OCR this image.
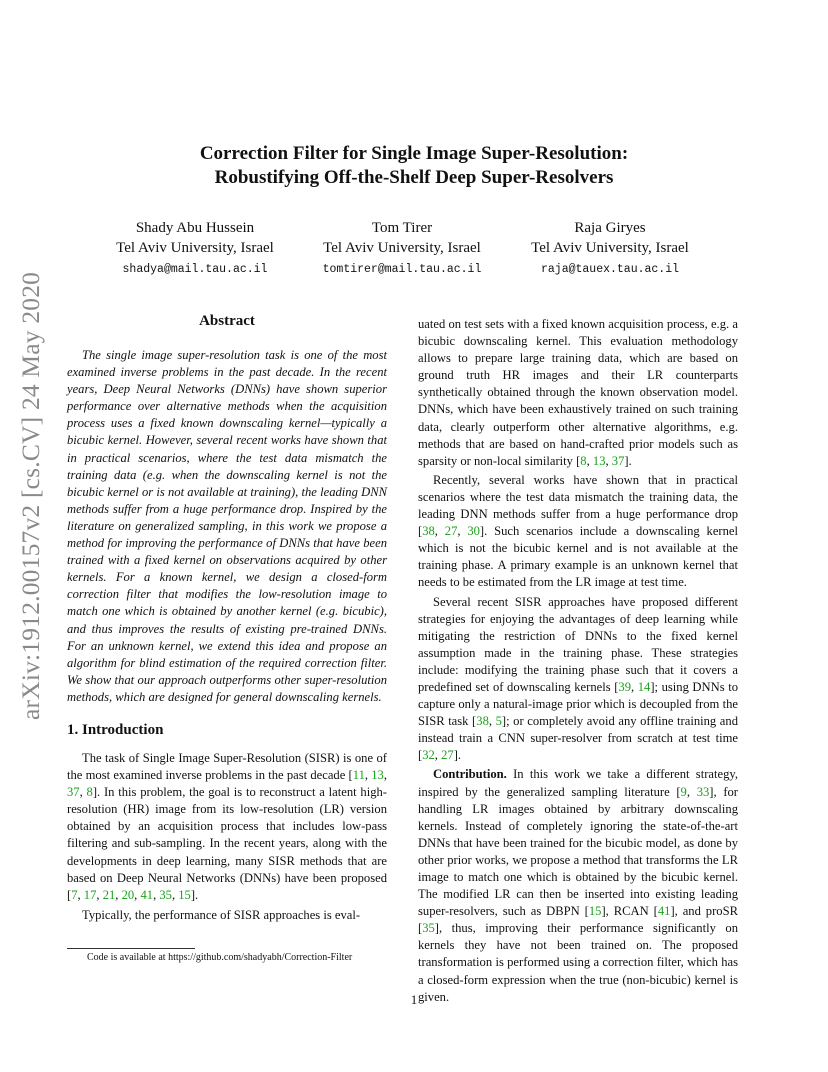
arXiv:1912.00157v2 [cs.CV] 24 May 2020
Correction Filter for Single Image Super-Resolution:
Robustifying Off-the-Shelf Deep Super-Resolvers
Shady Abu Hussein
Tel Aviv University, Israel
shadya@mail.tau.ac.il
Tom Tirer
Tel Aviv University, Israel
tomtirer@mail.tau.ac.il
Raja Giryes
Tel Aviv University, Israel
raja@tauex.tau.ac.il
Abstract

The single image super-resolution task is one of the most examined inverse problems in the past decade. In the recent years, Deep Neural Networks (DNNs) have shown superior performance over alternative methods when the acquisition process uses a fixed known downscaling kernel—typically a bicubic kernel. However, several recent works have shown that in practical scenarios, where the test data mismatch the training data (e.g. when the downscaling kernel is not the bicubic kernel or is not available at training), the leading DNN methods suffer from a huge performance drop. Inspired by the literature on generalized sampling, in this work we propose a method for improving the performance of DNNs that have been trained with a fixed kernel on observations acquired by other kernels. For a known kernel, we design a closed-form correction filter that modifies the low-resolution image to match one which is obtained by another kernel (e.g. bicubic), and thus improves the results of existing pre-trained DNNs. For an unknown kernel, we extend this idea and propose an algorithm for blind estimation of the required correction filter. We show that our approach outperforms other super-resolution methods, which are designed for general downscaling kernels.

1. Introduction

The task of Single Image Super-Resolution (SISR) is one of the most examined inverse problems in the past decade [11, 13, 37, 8]. In this problem, the goal is to reconstruct a latent high-resolution (HR) image from its low-resolution (LR) version obtained by an acquisition process that includes low-pass filtering and sub-sampling. In the recent years, along with the developments in deep learning, many SISR methods that are based on Deep Neural Networks (DNNs) have been proposed [7, 17, 21, 20, 41, 35, 15].

Typically, the performance of SISR approaches is eval-

Code is available at https://github.com/shadyabh/Correction-Filter

uated on test sets with a fixed known acquisition process, e.g. a bicubic downscaling kernel. This evaluation methodology allows to prepare large training data, which are based on ground truth HR images and their LR counterparts synthetically obtained through the known observation model. DNNs, which have been exhaustively trained on such training data, clearly outperform other alternative algorithms, e.g. methods that are based on hand-crafted prior models such as sparsity or non-local similarity [8, 13, 37].

Recently, several works have shown that in practical scenarios where the test data mismatch the training data, the leading DNN methods suffer from a huge performance drop [38, 27, 30]. Such scenarios include a downscaling kernel which is not the bicubic kernel and is not available at the training phase. A primary example is an unknown kernel that needs to be estimated from the LR image at test time.

Several recent SISR approaches have proposed different strategies for enjoying the advantages of deep learning while mitigating the restriction of DNNs to the fixed kernel assumption made in the training phase. These strategies include: modifying the training phase such that it covers a predefined set of downscaling kernels [39, 14]; using DNNs to capture only a natural-image prior which is decoupled from the SISR task [38, 5]; or completely avoid any offline training and instead train a CNN super-resolver from scratch at test time [32, 27].

Contribution. In this work we take a different strategy, inspired by the generalized sampling literature [9, 33], for handling LR images obtained by arbitrary downscaling kernels. Instead of completely ignoring the state-of-the-art DNNs that have been trained for the bicubic model, as done by other prior works, we propose a method that transforms the LR image to match one which is obtained by the bicubic kernel. The modified LR can then be inserted into existing leading super-resolvers, such as DBPN [15], RCAN [41], and proSR [35], thus, improving their performance significantly on kernels they have not been trained on. The proposed transformation is performed using a correction filter, which has a closed-form expression when the true (non-bicubic) kernel is given.

1
